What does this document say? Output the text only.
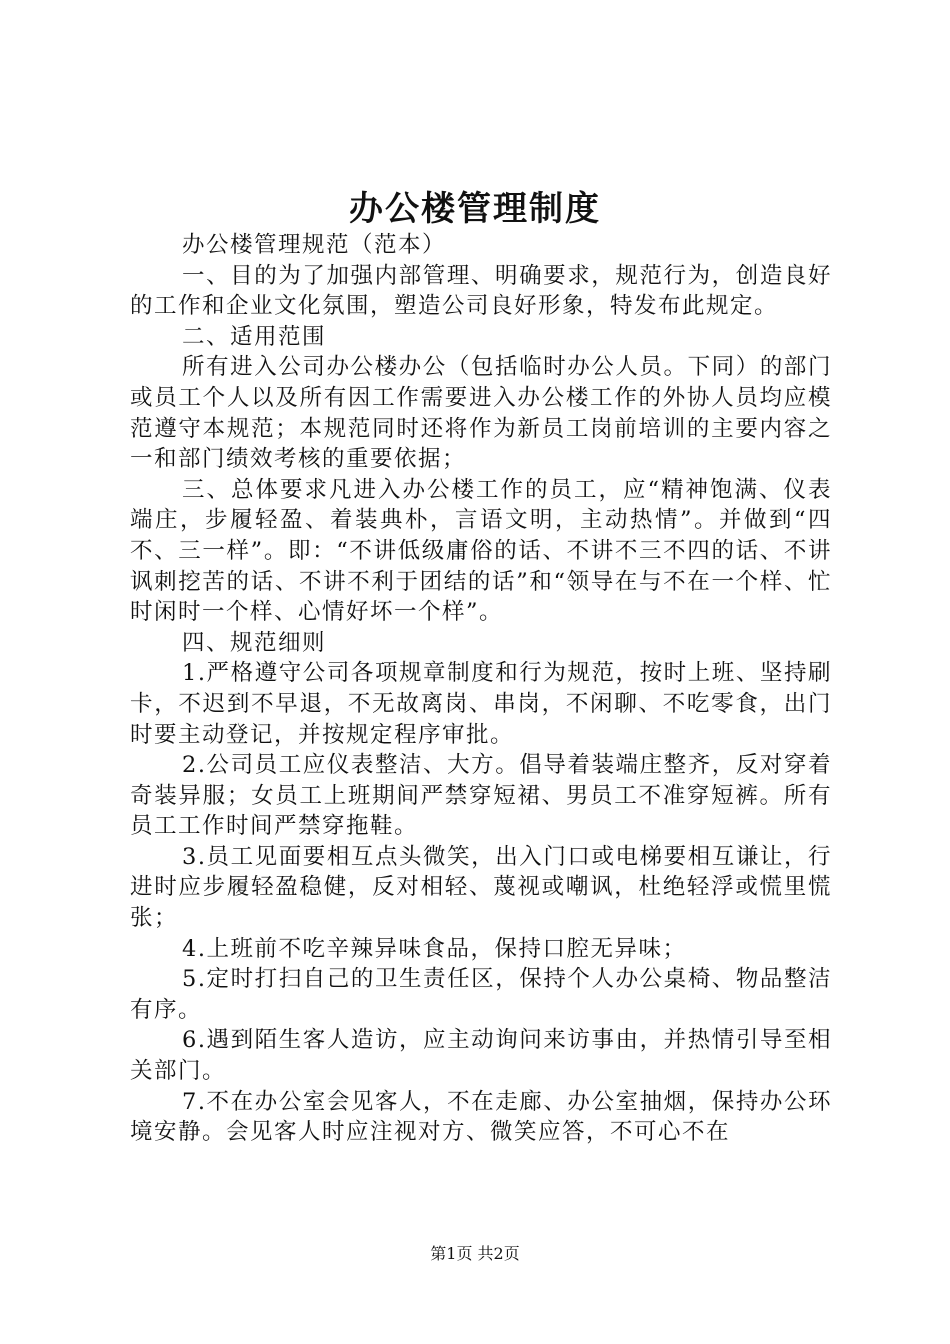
办公楼管理制度

办公楼管理规范（范本）

一、目的为了加强内部管理、明确要求，规范行为，创造良好的工作和企业文化氛围，塑造公司良好形象，特发布此规定。

二、适用范围

所有进入公司办公楼办公（包括临时办公人员。下同）的部门或员工个人以及所有因工作需要进入办公楼工作的外协人员均应模范遵守本规范；本规范同时还将作为新员工岗前培训的主要内容之一和部门绩效考核的重要依据；

三、总体要求凡进入办公楼工作的员工，应“精神饱满、仪表端庄，步履轻盈、着装典朴，言语文明，主动热情”。并做到“四不、三一样”。即：“不讲低级庸俗的话、不讲不三不四的话、不讲讽刺挖苦的话、不讲不利于团结的话”和“领导在与不在一个样、忙时闲时一个样、心情好坏一个样”。

四、规范细则

1.严格遵守公司各项规章制度和行为规范，按时上班、坚持刷卡，不迟到不早退，不无故离岗、串岗，不闲聊、不吃零食，出门时要主动登记，并按规定程序审批。

2.公司员工应仪表整洁、大方。倡导着装端庄整齐，反对穿着奇装异服；女员工上班期间严禁穿短裙、男员工不准穿短裤。所有员工工作时间严禁穿拖鞋。

3.员工见面要相互点头微笑，出入门口或电梯要相互谦让，行进时应步履轻盈稳健，反对相轻、蔑视或嘲讽，杜绝轻浮或慌里慌张；

4.上班前不吃辛辣异味食品，保持口腔无异味；

5.定时打扫自己的卫生责任区，保持个人办公桌椅、物品整洁有序。

6.遇到陌生客人造访，应主动询问来访事由，并热情引导至相关部门。

7.不在办公室会见客人，不在走廊、办公室抽烟，保持办公环境安静。会见客人时应注视对方、微笑应答，不可心不在

第1页 共2页
